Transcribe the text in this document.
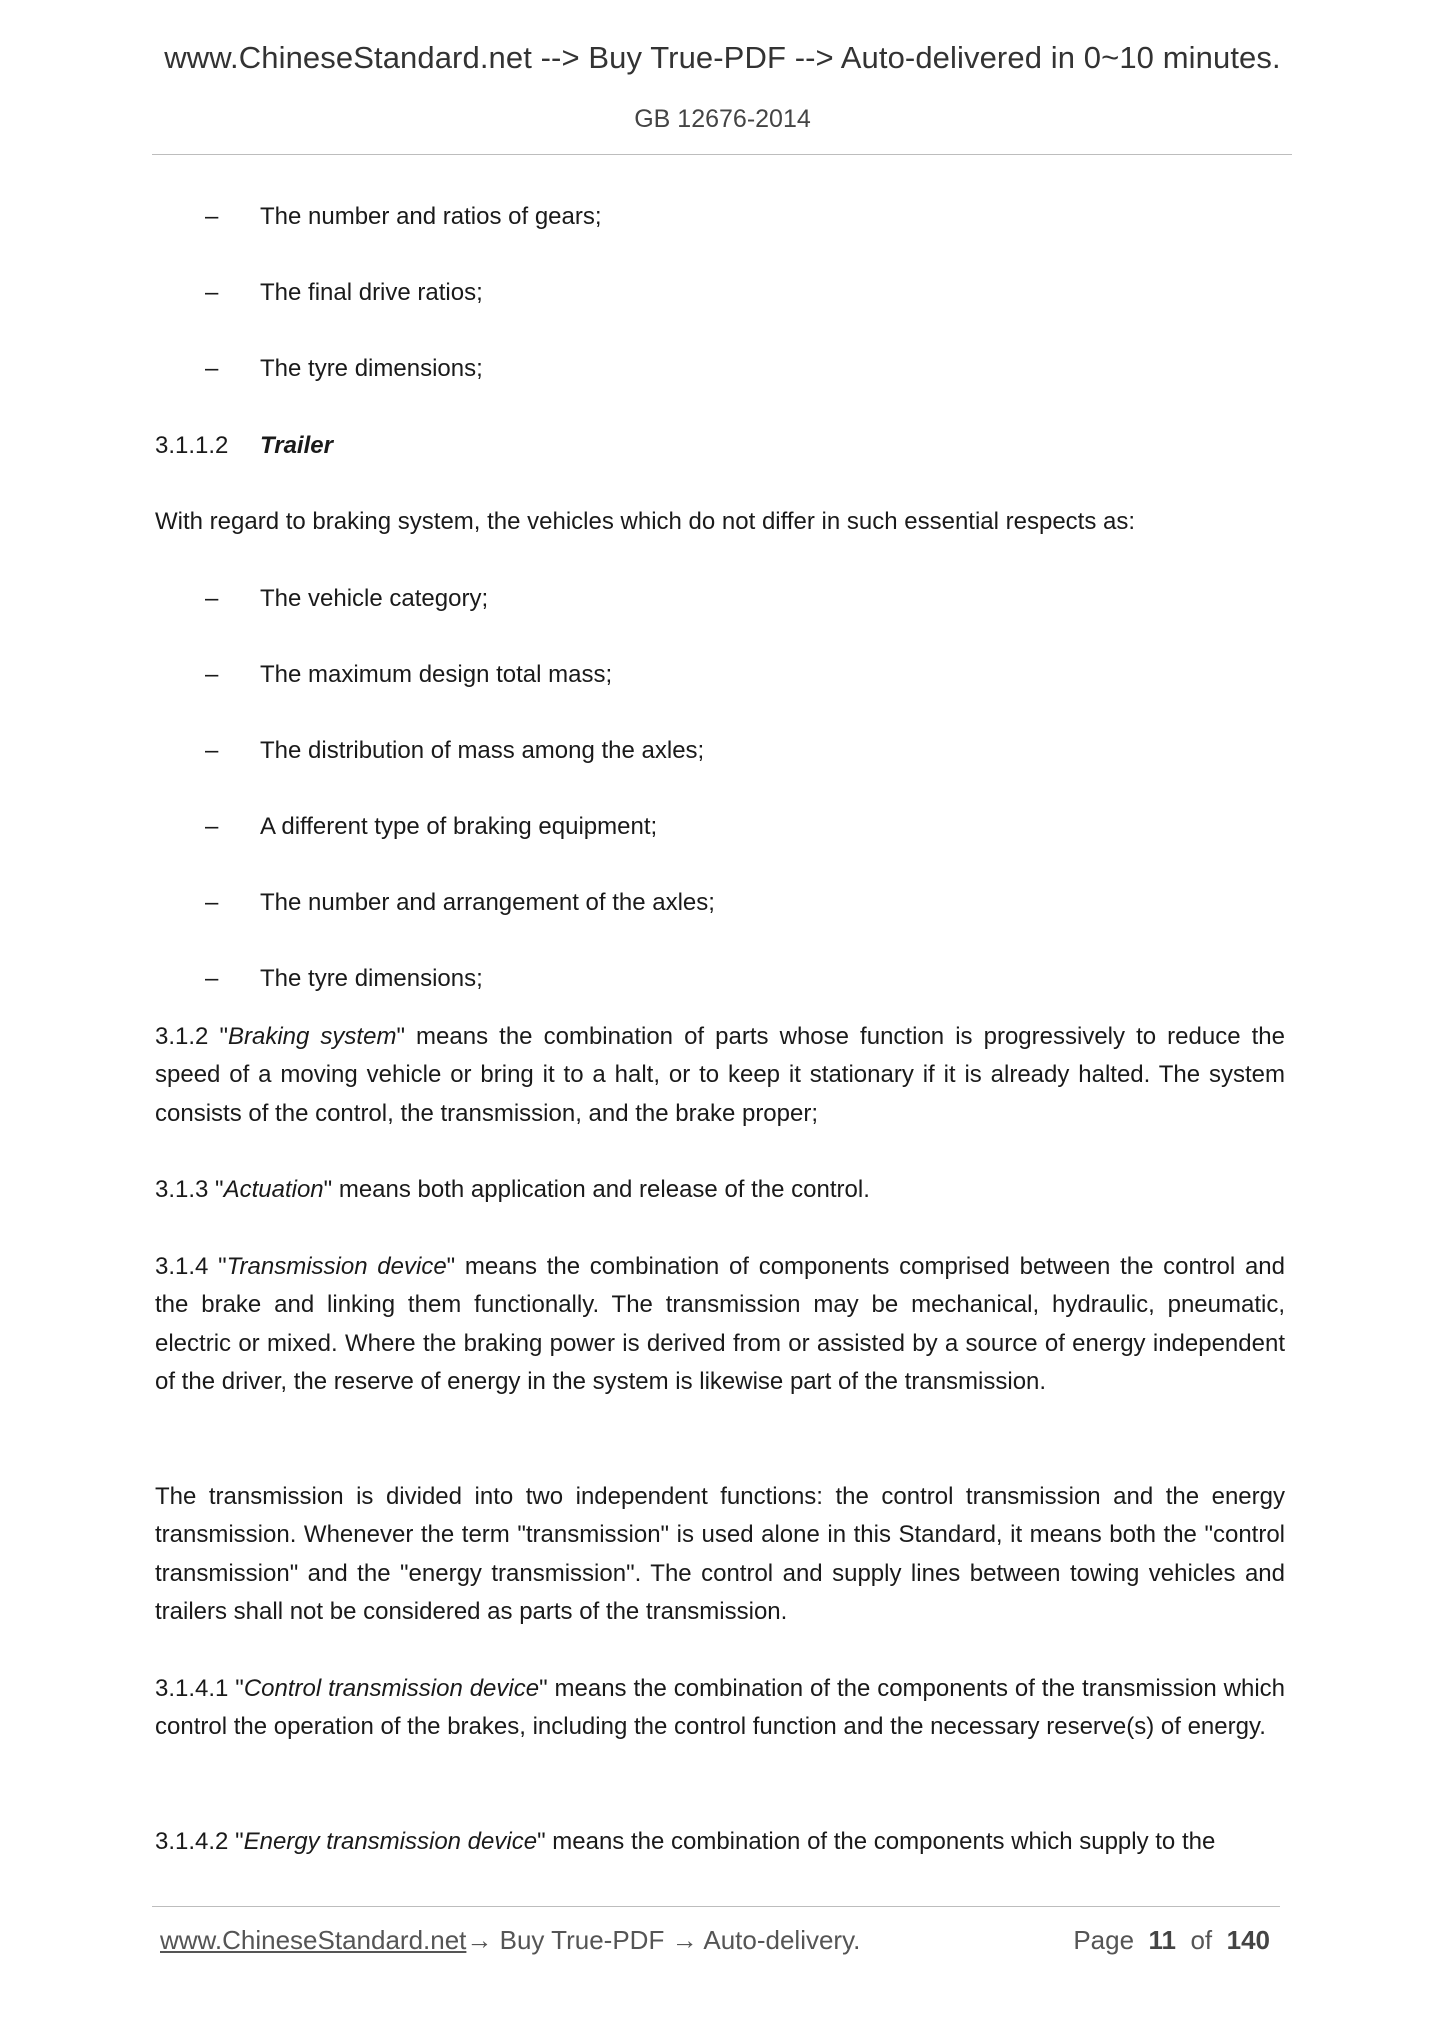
www.ChineseStandard.net --> Buy True-PDF --> Auto-delivered in 0~10 minutes.
GB 12676-2014
– The number and ratios of gears;
– The final drive ratios;
– The tyre dimensions;
3.1.1.2 Trailer
With regard to braking system, the vehicles which do not differ in such essential respects as:
– The vehicle category;
– The maximum design total mass;
– The distribution of mass among the axles;
– A different type of braking equipment;
– The number and arrangement of the axles;
– The tyre dimensions;

3.1.2 "Braking system" means the combination of parts whose function is progressively to reduce the speed of a moving vehicle or bring it to a halt, or to keep it stationary if it is already halted. The system consists of the control, the transmission, and the brake proper;

3.1.3 "Actuation" means both application and release of the control.

3.1.4 "Transmission device" means the combination of components comprised between the control and the brake and linking them functionally. The transmission may be mechanical, hydraulic, pneumatic, electric or mixed. Where the braking power is derived from or assisted by a source of energy independent of the driver, the reserve of energy in the system is likewise part of the transmission.

The transmission is divided into two independent functions: the control transmission and the energy transmission. Whenever the term "transmission" is used alone in this Standard, it means both the "control transmission" and the "energy transmission". The control and supply lines between towing vehicles and trailers shall not be considered as parts of the transmission.

3.1.4.1 "Control transmission device" means the combination of the components of the transmission which control the operation of the brakes, including the control function and the necessary reserve(s) of energy.

3.1.4.2 "Energy transmission device" means the combination of the components which supply to the

www.ChineseStandard.net→ Buy True-PDF → Auto-delivery.	Page 11 of 140
